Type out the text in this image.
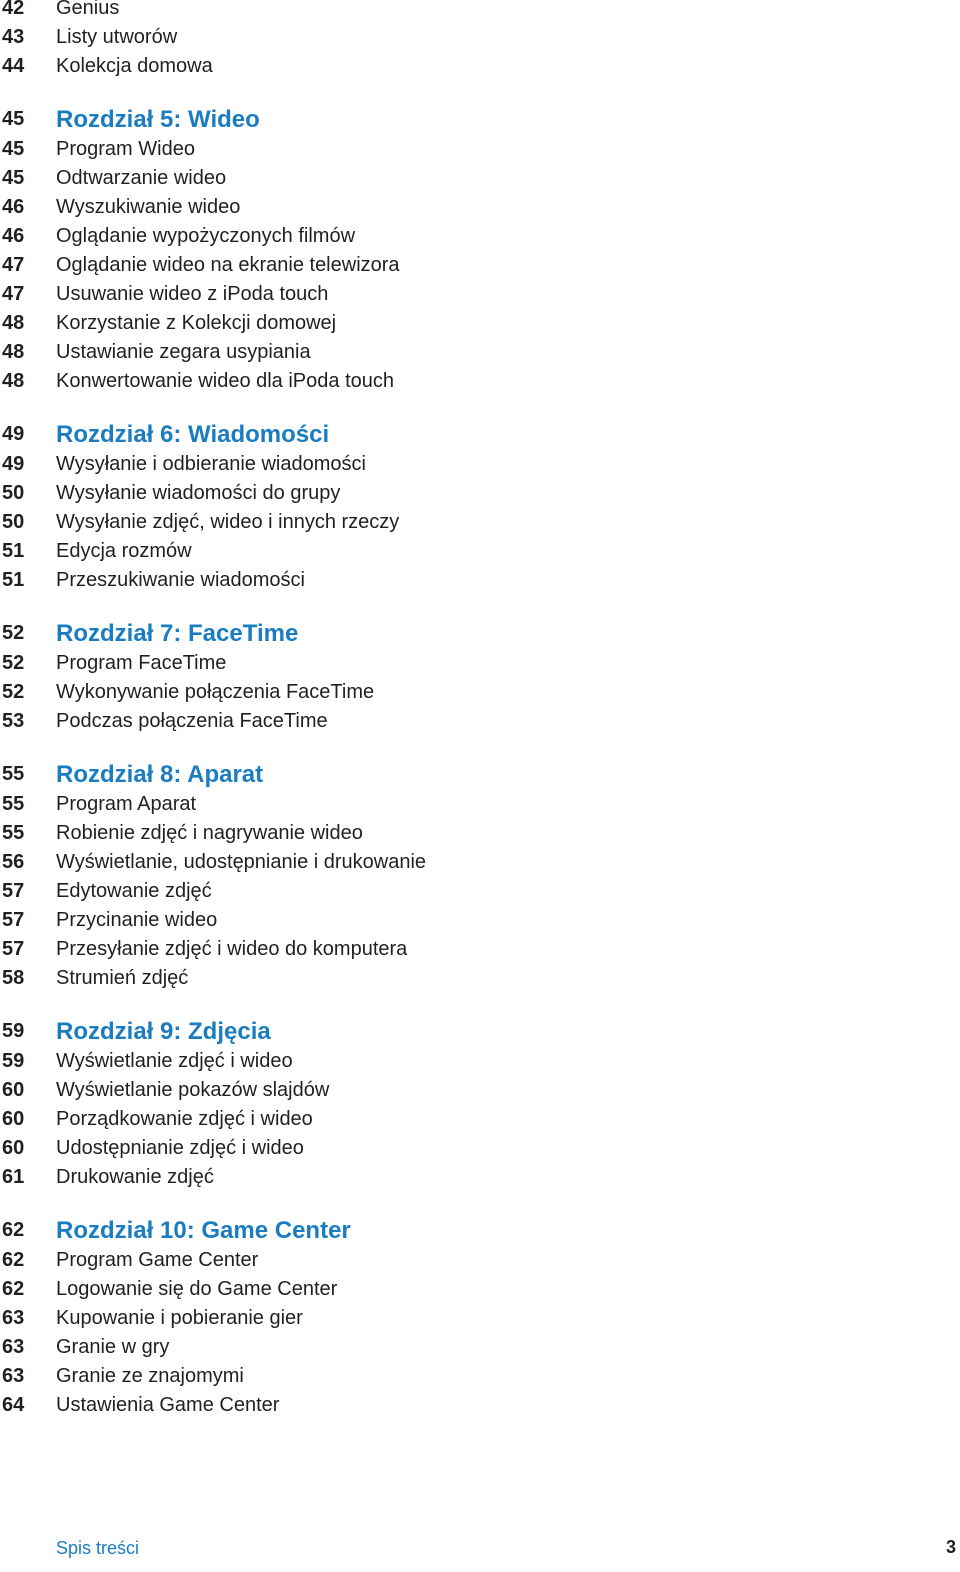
42 Genius
43 Listy utworów
44 Kolekcja domowa
45 Rozdział 5: Wideo
45 Program Wideo
45 Odtwarzanie wideo
46 Wyszukiwanie wideo
46 Oglądanie wypożyczonych filmów
47 Oglądanie wideo na ekranie telewizora
47 Usuwanie wideo z iPoda touch
48 Korzystanie z Kolekcji domowej
48 Ustawianie zegara usypiania
48 Konwertowanie wideo dla iPoda touch
49 Rozdział 6: Wiadomości
49 Wysyłanie i odbieranie wiadomości
50 Wysyłanie wiadomości do grupy
50 Wysyłanie zdjęć, wideo i innych rzeczy
51 Edycja rozmów
51 Przeszukiwanie wiadomości
52 Rozdział 7: FaceTime
52 Program FaceTime
52 Wykonywanie połączenia FaceTime
53 Podczas połączenia FaceTime
55 Rozdział 8: Aparat
55 Program Aparat
55 Robienie zdjęć i nagrywanie wideo
56 Wyświetlanie, udostępnianie i drukowanie
57 Edytowanie zdjęć
57 Przycinanie wideo
57 Przesyłanie zdjęć i wideo do komputera
58 Strumień zdjęć
59 Rozdział 9: Zdjęcia
59 Wyświetlanie zdjęć i wideo
60 Wyświetlanie pokazów slajdów
60 Porządkowanie zdjęć i wideo
60 Udostępnianie zdjęć i wideo
61 Drukowanie zdjęć
62 Rozdział 10: Game Center
62 Program Game Center
62 Logowanie się do Game Center
63 Kupowanie i pobieranie gier
63 Granie w gry
63 Granie ze znajomymi
64 Ustawienia Game Center
Spis treści	3
